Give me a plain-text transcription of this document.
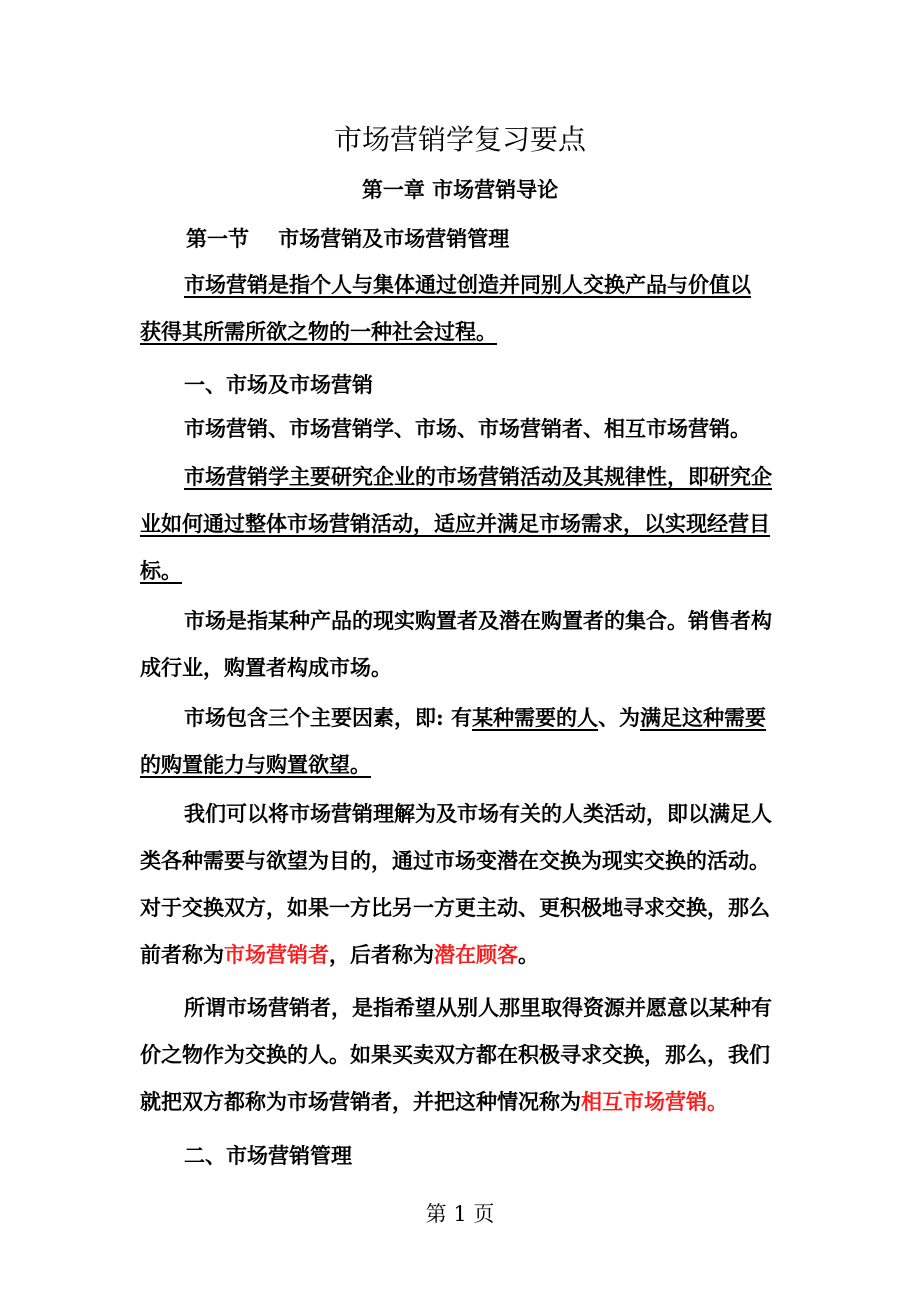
市场营销学复习要点
第一章 市场营销导论
第一节    市场营销及市场营销管理
市场营销是指个人与集体通过创造并同别人交换产品与价值以
获得其所需所欲之物的一种社会过程。
一、市场及市场营销
市场营销、市场营销学、市场、市场营销者、相互市场营销。
市场营销学主要研究企业的市场营销活动及其规律性，即研究企
业如何通过整体市场营销活动，适应并满足市场需求，以实现经营目
标。
市场是指某种产品的现实购置者及潜在购置者的集合。销售者构
成行业，购置者构成市场。
市场包含三个主要因素，即: 有某种需要的人、为满足这种需要
的购置能力与购置欲望。
我们可以将市场营销理解为及市场有关的人类活动，即以满足人
类各种需要与欲望为目的，通过市场变潜在交换为现实交换的活动。
对于交换双方，如果一方比另一方更主动、更积极地寻求交换，那么
前者称为市场营销者，后者称为潜在顾客。
所谓市场营销者，是指希望从别人那里取得资源并愿意以某种有
价之物作为交换的人。如果买卖双方都在积极寻求交换，那么，我们
就把双方都称为市场营销者，并把这种情况称为相互市场营销。
二、市场营销管理
第 1 页
